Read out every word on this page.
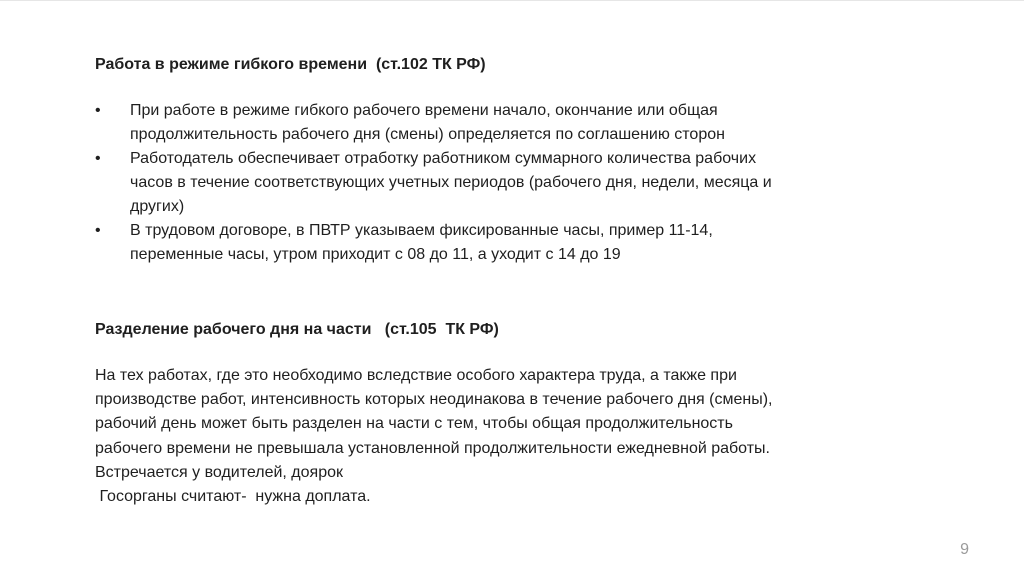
Работа в режиме гибкого времени  (ст.102 ТК РФ)
• При работе в режиме гибкого рабочего времени начало, окончание или общая
продолжительность рабочего дня (смены) определяется по соглашению сторон
• Работодатель обеспечивает отработку работником суммарного количества рабочих
часов в течение соответствующих учетных периодов (рабочего дня, недели, месяца и
других)
• В трудовом договоре, в ПВТР указываем фиксированные часы, пример 11-14,
переменные часы, утром приходит с 08 до 11, а уходит с 14 до 19
Разделение рабочего дня на части   (ст.105  ТК РФ)
На тех работах, где это необходимо вследствие особого характера труда, а также при
производстве работ, интенсивность которых неодинакова в течение рабочего дня (смены),
рабочий день может быть разделен на части с тем, чтобы общая продолжительность
рабочего времени не превышала установленной продолжительности ежедневной работы.
Встречается у водителей, доярок
Госорганы считают-  нужна доплата.
9
